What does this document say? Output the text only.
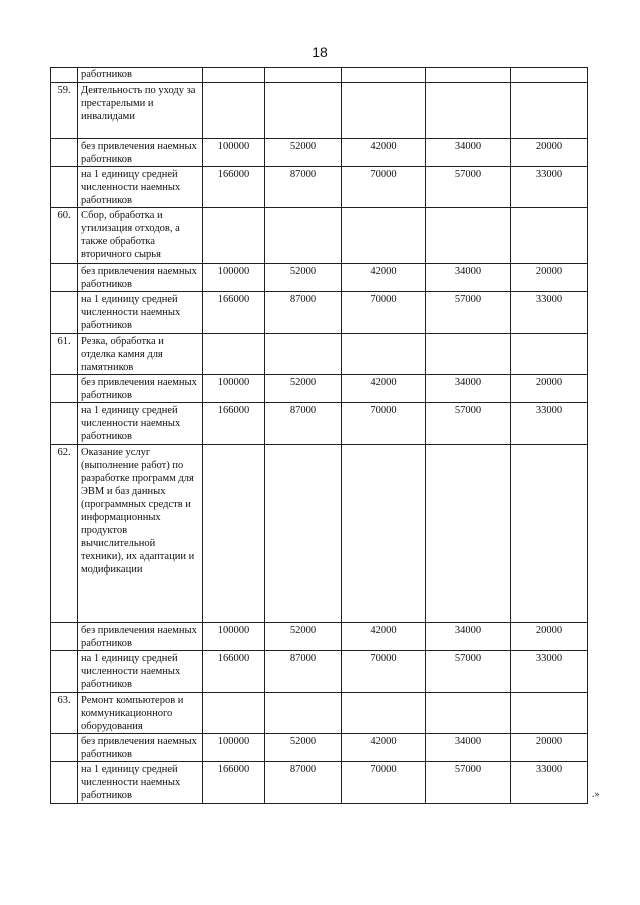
18
	работников					
59.	Деятельность по уходу за престарелыми и инвалидами					
	без привлечения наемных работников	100000	52000	42000	34000	20000
	на 1 единицу средней численности наемных работников	166000	87000	70000	57000	33000
60.	Сбор, обработка и утилизация отходов, а также обработка вторичного сырья					
	без привлечения наемных работников	100000	52000	42000	34000	20000
	на 1 единицу средней численности наемных работников	166000	87000	70000	57000	33000
61.	Резка, обработка и отделка камня для памятников					
	без привлечения наемных работников	100000	52000	42000	34000	20000
	на 1 единицу средней численности наемных работников	166000	87000	70000	57000	33000
62.	Оказание услуг (выполнение работ) по разработке программ для ЭВМ и баз данных (программных средств и информационных продуктов вычислительной техники), их адаптации и модификации					
	без привлечения наемных работников	100000	52000	42000	34000	20000
	на 1 единицу средней численности наемных работников	166000	87000	70000	57000	33000
63.	Ремонт компьютеров и коммуникационного оборудования					
	без привлечения наемных работников	100000	52000	42000	34000	20000
	на 1 единицу средней численности наемных работников	166000	87000	70000	57000	33000
.»
